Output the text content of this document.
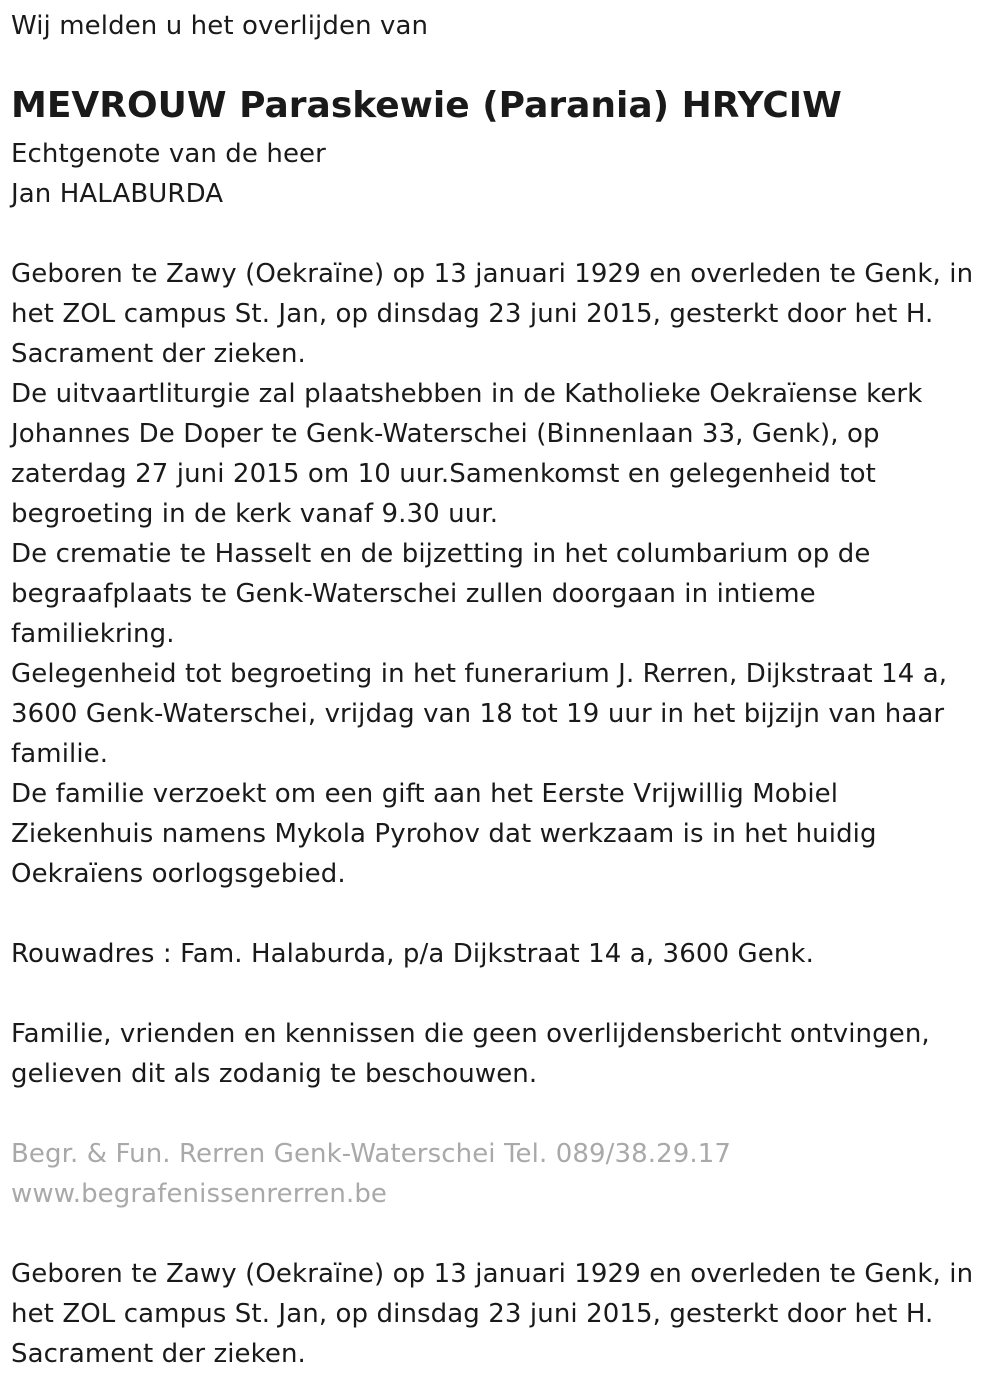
Wij melden u het overlijden van
MEVROUW Paraskewie (Parania) HRYCIW
Echtgenote van de heer
Jan HALABURDA
Geboren te Zawy (Oekraïne) op 13 januari 1929 en overleden te Genk, in
het ZOL campus St. Jan, op dinsdag 23 juni 2015, gesterkt door het H.
Sacrament der zieken.
De uitvaartliturgie zal plaatshebben in de Katholieke Oekraïense kerk
Johannes De Doper te Genk-Waterschei (Binnenlaan 33, Genk), op
zaterdag 27 juni 2015 om 10 uur.Samenkomst en gelegenheid tot
begroeting in de kerk vanaf 9.30 uur.
De crematie te Hasselt en de bijzetting in het columbarium op de
begraafplaats te Genk-Waterschei zullen doorgaan in intieme
familiekring.
Gelegenheid tot begroeting in het funerarium J. Rerren, Dijkstraat 14 a,
3600 Genk-Waterschei, vrijdag van 18 tot 19 uur in het bijzijn van haar
familie.
De familie verzoekt om een gift aan het Eerste Vrijwillig Mobiel
Ziekenhuis namens Mykola Pyrohov dat werkzaam is in het huidig
Oekraïens oorlogsgebied.
Rouwadres : Fam. Halaburda, p/a Dijkstraat 14 a, 3600 Genk.
Familie, vrienden en kennissen die geen overlijdensbericht ontvingen,
gelieven dit als zodanig te beschouwen.
Begr. & Fun. Rerren Genk-Waterschei Tel. 089/38.29.17
www.begrafenissenrerren.be
Geboren te Zawy (Oekraïne) op 13 januari 1929 en overleden te Genk, in
het ZOL campus St. Jan, op dinsdag 23 juni 2015, gesterkt door het H.
Sacrament der zieken.
